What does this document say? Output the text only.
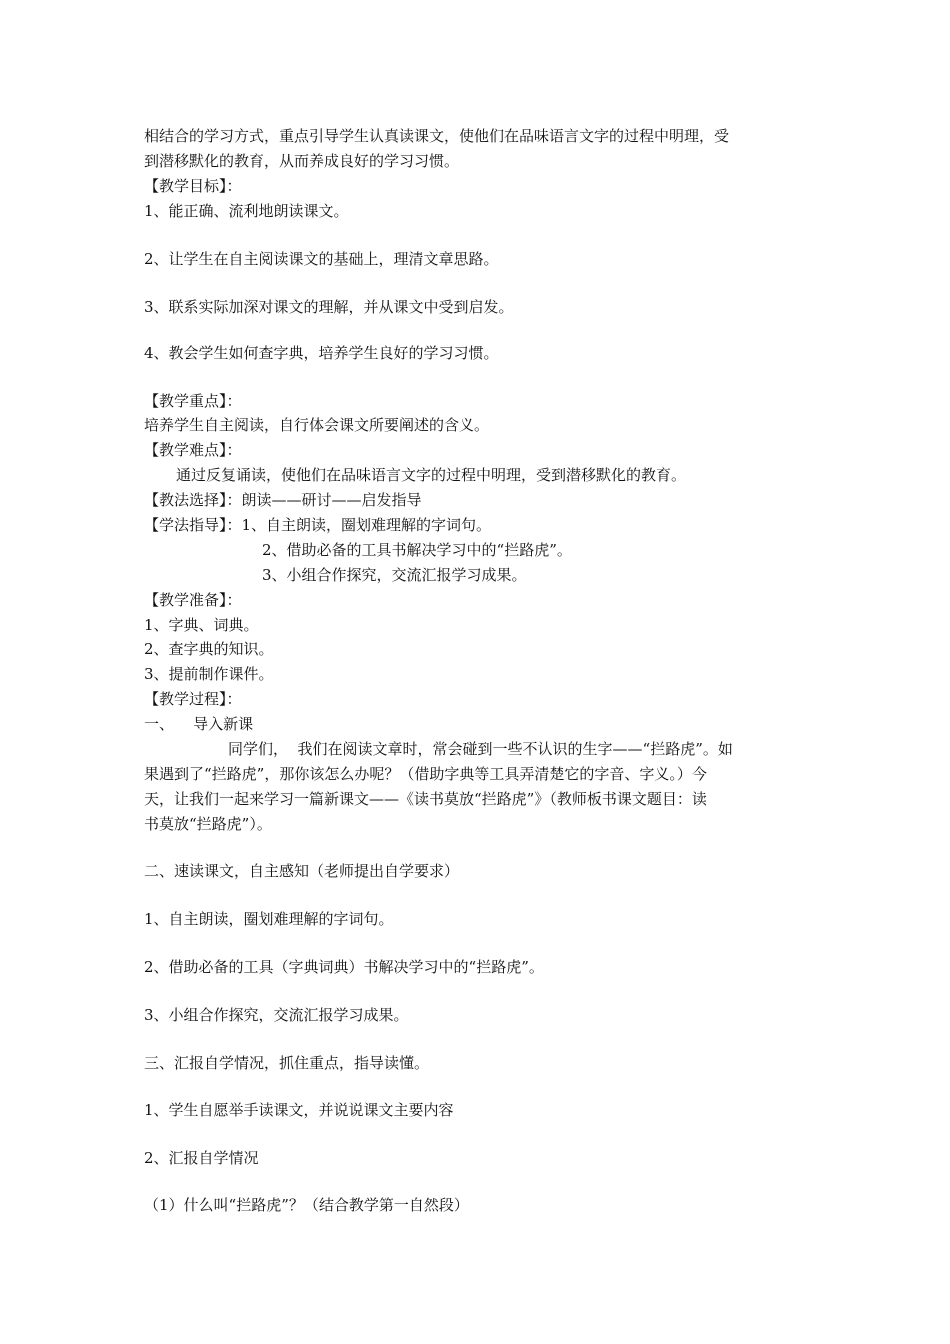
相结合的学习方式，重点引导学生认真读课文，使他们在品味语言文字的过程中明理，受
到潜移默化的教育，从而养成良好的学习习惯。
【教学目标】：
1、能正确、流利地朗读课文。
2、让学生在自主阅读课文的基础上，理清文章思路。
3、联系实际加深对课文的理解，并从课文中受到启发。
4、教会学生如何查字典，培养学生良好的学习习惯。
【教学重点】：
培养学生自主阅读，自行体会课文所要阐述的含义。
【教学难点】：
通过反复诵读，使他们在品味语言文字的过程中明理，受到潜移默化的教育。
【教法选择】：朗读——研讨——启发指导
【学法指导】：1、自主朗读，圈划难理解的字词句。
2、借助必备的工具书解决学习中的“拦路虎”。
3、小组合作探究，交流汇报学习成果。
【教学准备】：
1、字典、词典。
2、查字典的知识。
3、提前制作课件。
【教学过程】：
一、    导入新课
同学们，  我们在阅读文章时，常会碰到一些不认识的生字——“拦路虎”。如
果遇到了“拦路虎”，那你该怎么办呢？（借助字典等工具弄清楚它的字音、字义。）今
天，让我们一起来学习一篇新课文——《读书莫放“拦路虎”》（教师板书课文题目：读
书莫放“拦路虎”）。
二、速读课文，自主感知（老师提出自学要求）
1、自主朗读，圈划难理解的字词句。
2、借助必备的工具（字典词典）书解决学习中的“拦路虎”。
3、小组合作探究，交流汇报学习成果。
三、汇报自学情况，抓住重点，指导读懂。
1、学生自愿举手读课文，并说说课文主要内容
2、汇报自学情况
（1）什么叫“拦路虎”？（结合教学第一自然段）
